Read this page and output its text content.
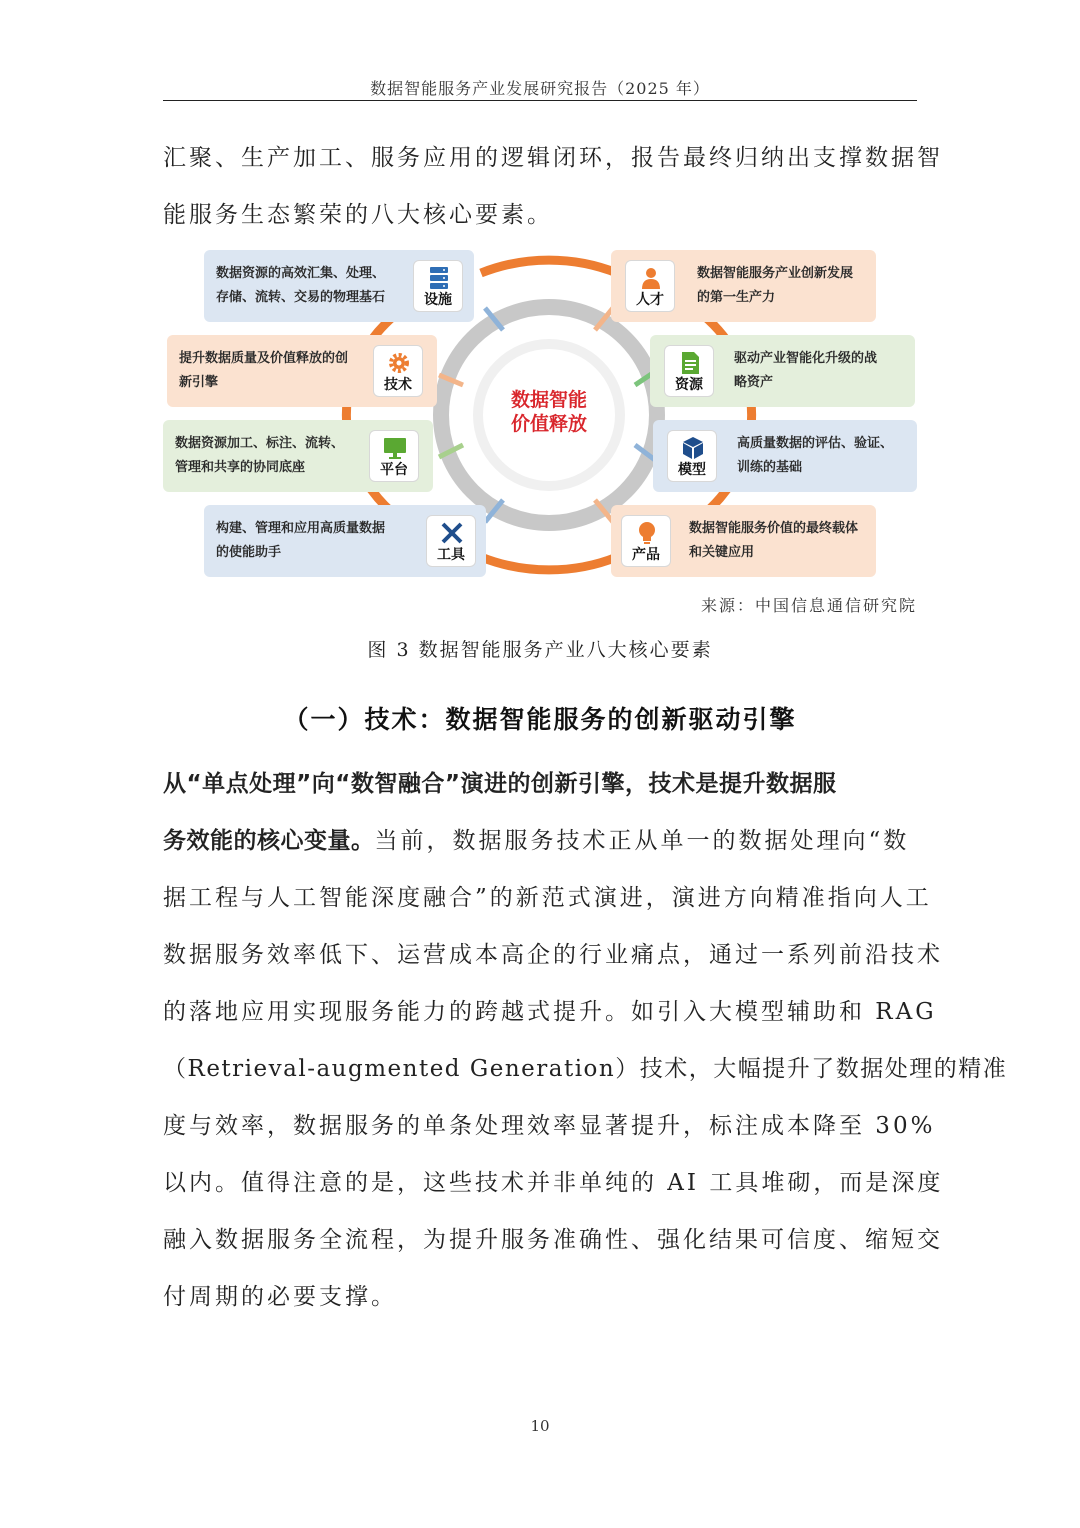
数据智能服务产业发展研究报告（2025 年）
汇聚、生产加工、服务应用的逻辑闭环，报告最终归纳出支撑数据智
能服务生态繁荣的八大核心要素。
数据智能
价值释放
数据资源的高效汇集、处理、
存储、流转、交易的物理基石	设施
提升数据质量及价值释放的创
新引擎	技术
数据资源加工、标注、流转、
管理和共享的协同底座	平台
构建、管理和应用高质量数据
的使能助手	工具
人才
数据智能服务产业创新发展
的第一生产力
资源
驱动产业智能化升级的战
略资产
模型
高质量数据的评估、验证、
训练的基础
产品
数据智能服务价值的最终载体
和关键应用
来源：中国信息通信研究院
图 3 数据智能服务产业八大核心要素
（一）技术：数据智能服务的创新驱动引擎
从“单点处理”向“数智融合”演进的创新引擎，技术是提升数据服
务效能的核心变量。当前，数据服务技术正从单一的数据处理向“数
据工程与人工智能深度融合”的新范式演进，演进方向精准指向人工
数据服务效率低下、运营成本高企的行业痛点，通过一系列前沿技术
的落地应用实现服务能力的跨越式提升。如引入大模型辅助和 RAG
（Retrieval-augmented Generation）技术，大幅提升了数据处理的精准
度与效率，数据服务的单条处理效率显著提升，标注成本降至 30%
以内。值得注意的是，这些技术并非单纯的 AI 工具堆砌，而是深度
融入数据服务全流程，为提升服务准确性、强化结果可信度、缩短交
付周期的必要支撑。
10
